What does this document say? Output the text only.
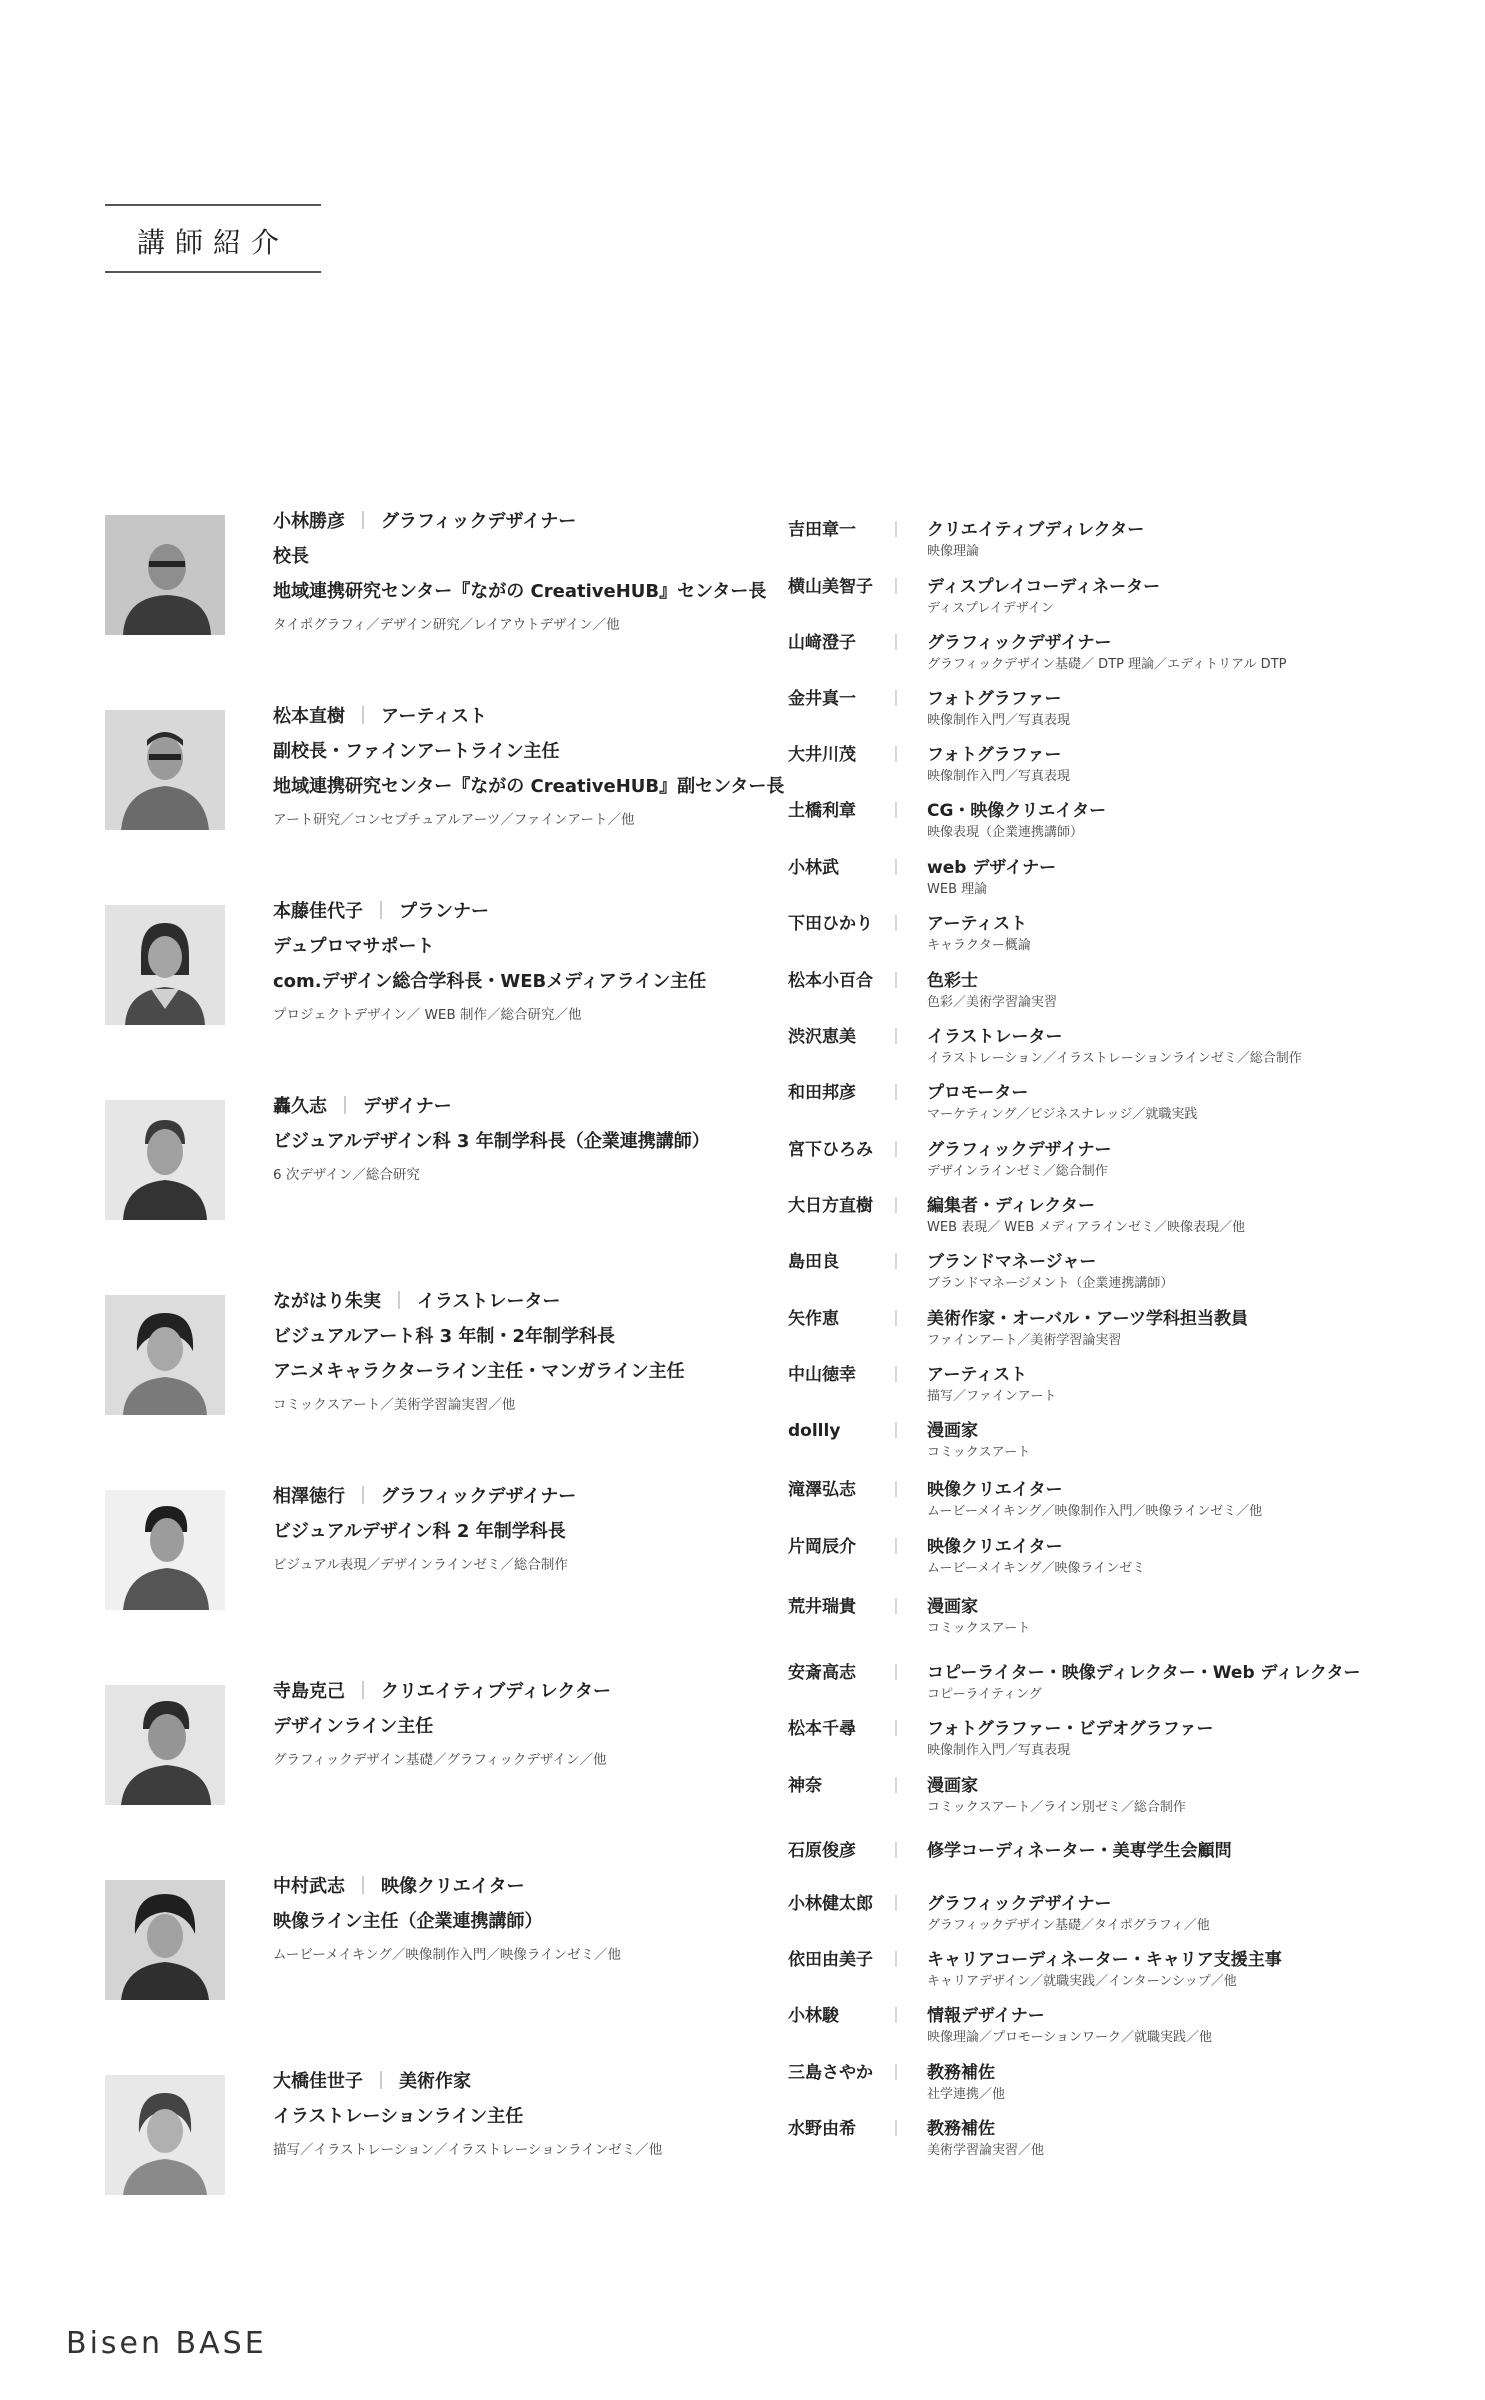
講師紹介
小林勝彦 ｜ グラフィックデザイナー
校長
地域連携研究センター『ながの CreativeHUB』センター長
タイポグラフィ／デザイン研究／レイアウトデザイン／他
松本直樹 ｜ アーティスト
副校長・ファインアートライン主任
地域連携研究センター『ながの CreativeHUB』副センター長
アート研究／コンセプチュアルアーツ／ファインアート／他
本藤佳代子 ｜ プランナー
デュプロマサポート
com.デザイン総合学科長・WEBメディアライン主任
プロジェクトデザイン／ WEB 制作／総合研究／他
轟久志 ｜ デザイナー
ビジュアルデザイン科 3 年制学科長（企業連携講師）
6 次デザイン／総合研究
ながはり朱実 ｜ イラストレーター
ビジュアルアート科 3 年制・2年制学科長
アニメキャラクターライン主任・マンガライン主任
コミックスアート／美術学習論実習／他
相澤徳行 ｜ グラフィックデザイナー
ビジュアルデザイン科 2 年制学科長
ビジュアル表現／デザインラインゼミ／総合制作
寺島克己 ｜ クリエイティブディレクター
デザインライン主任
グラフィックデザイン基礎／グラフィックデザイン／他
中村武志 ｜ 映像クリエイター
映像ライン主任（企業連携講師）
ムービーメイキング／映像制作入門／映像ラインゼミ／他
大橋佳世子 ｜ 美術作家
イラストレーションライン主任
描写／イラストレーション／イラストレーションラインゼミ／他
吉田章一	｜ クリエイティブディレクター
映像理論
横山美智子 ｜ ディスプレイコーディネーター
ディスプレイデザイン
山﨑澄子	｜ グラフィックデザイナー
グラフィックデザイン基礎／ DTP 理論／エディトリアル DTP
金井真一	｜ フォトグラファー
映像制作入門／写真表現
大井川茂	｜ フォトグラファー
映像制作入門／写真表現
土橋利章	｜ CG・映像クリエイター
映像表現（企業連携講師）
小林武	｜ web デザイナー
WEB 理論
下田ひかり ｜ アーティスト
キャラクター概論
松本小百合 ｜ 色彩士
色彩／美術学習論実習
渋沢恵美	｜ イラストレーター
イラストレーション／イラストレーションラインゼミ／総合制作
和田邦彦	｜ プロモーター
マーケティング／ビジネスナレッジ／就職実践
宮下ひろみ ｜ グラフィックデザイナー
デザインラインゼミ／総合制作
大日方直樹 ｜ 編集者・ディレクター
WEB 表現／ WEB メディアラインゼミ／映像表現／他
島田良	｜ ブランドマネージャー
ブランドマネージメント（企業連携講師）
矢作恵	｜ 美術作家・オーバル・アーツ学科担当教員
ファインアート／美術学習論実習
中山徳幸	｜ アーティスト
描写／ファインアート
dollly	｜ 漫画家
コミックスアート
滝澤弘志	｜ 映像クリエイター
ムービーメイキング／映像制作入門／映像ラインゼミ／他
片岡辰介	｜ 映像クリエイター
ムービーメイキング／映像ラインゼミ
荒井瑞貴	｜ 漫画家
コミックスアート
安斎高志	｜ コピーライター・映像ディレクター・Web ディレクター
コピーライティング
松本千尋	｜ フォトグラファー・ビデオグラファー
映像制作入門／写真表現
神奈	｜ 漫画家
コミックスアート／ライン別ゼミ／総合制作
石原俊彦	｜ 修学コーディネーター・美専学生会顧問
小林健太郎 ｜ グラフィックデザイナー
グラフィックデザイン基礎／タイポグラフィ／他
依田由美子 ｜ キャリアコーディネーター・キャリア支援主事
キャリアデザイン／就職実践／インターンシップ／他
小林駿	｜ 情報デザイナー
映像理論／プロモーションワーク／就職実践／他
三島さやか ｜ 教務補佐
社学連携／他
水野由希	｜ 教務補佐
美術学習論実習／他
Bisen BASE
